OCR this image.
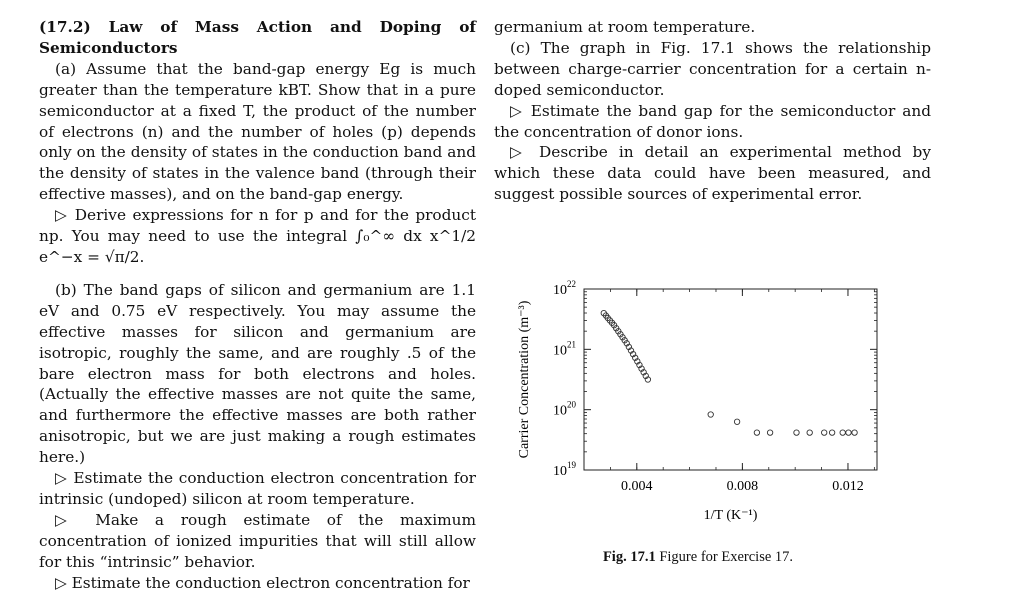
(17.2) Law of Mass Action and Doping of Semiconductors

(a) Assume that the band-gap energy Eg is much greater than the temperature kBT. Show that in a pure semiconductor at a fixed T, the product of the number of electrons (n) and the number of holes (p) depends only on the density of states in the conduction band and the density of states in the valence band (through their effective masses), and on the band-gap energy.

▷ Derive expressions for n for p and for the product np. You may need to use the integral ∫₀^∞ dx x^1/2 e^−x = √π/2.

(b) The band gaps of silicon and germanium are 1.1 eV and 0.75 eV respectively. You may assume the effective masses for silicon and germanium are isotropic, roughly the same, and are roughly .5 of the bare electron mass for both electrons and holes. (Actually the effective masses are not quite the same, and furthermore the effective masses are both rather anisotropic, but we are just making a rough estimates here.)

▷ Estimate the conduction electron concentration for intrinsic (undoped) silicon at room temperature.

▷ Make a rough estimate of the maximum concentration of ionized impurities that will still allow for this “intrinsic” behavior.

▷ Estimate the conduction electron concentration for

germanium at room temperature.

(c) The graph in Fig. 17.1 shows the relationship between charge-carrier concentration for a certain n-doped semiconductor.

▷ Estimate the band gap for the semiconductor and the concentration of donor ions.

▷ Describe in detail an experimental method by which these data could have been measured, and suggest possible sources of experimental error.

0.004	0.008	0.012
$10^{19}$
$10^{20}$
$10^{21}$
$10^{22}$
1/T (K⁻¹)
Carrier Concentration (m⁻³)
Fig. 17.1 Figure for Exercise 17.
